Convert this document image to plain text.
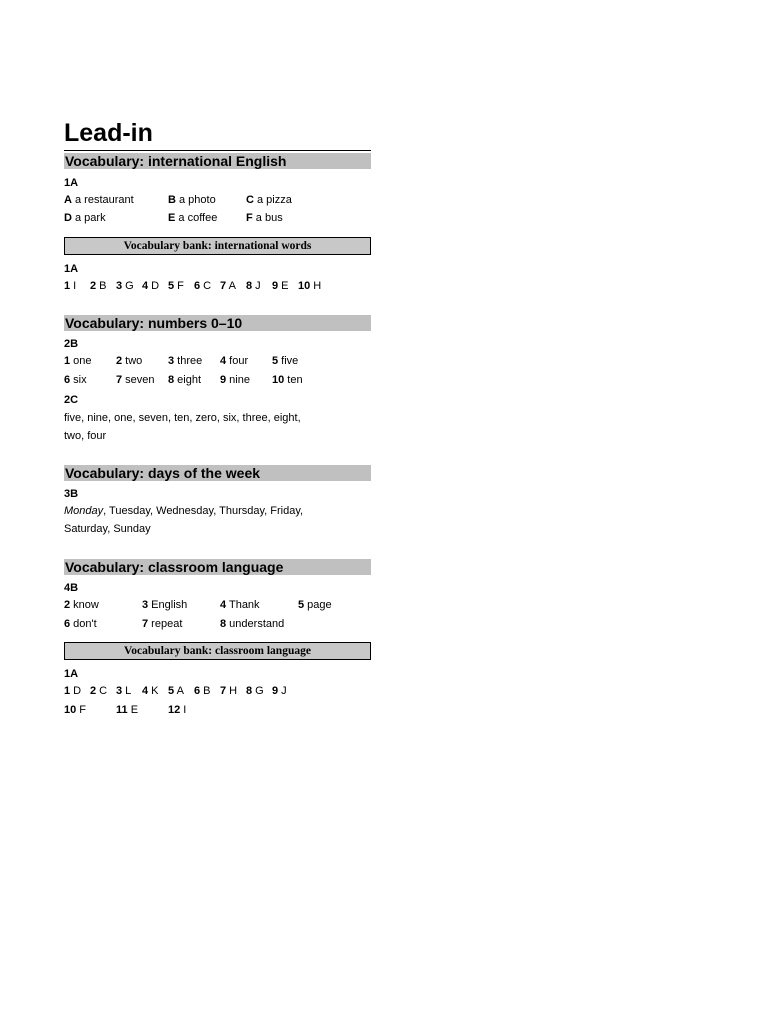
Lead-in
Vocabulary: international English
1A
A a restaurant	B a photo	C a pizza
D a park	E a coffee	F a bus
Vocabulary bank: international words
1A
1 I 2 B 3 G 4 D 5 F 6 C 7 A 8 J 9 E 10 H
Vocabulary: numbers 0–10
2B
1 one 2 two 3 three 4 four 5 five
6 six	7 seven 8 eight 9 nine 10 ten
2C
five, nine, one, seven, ten, zero, six, three, eight,
two, four
Vocabulary: days of the week
3B
Monday, Tuesday, Wednesday, Thursday, Friday,
Saturday, Sunday
Vocabulary: classroom language
4B
2 know	3 English	4 Thank	5 page
6 don't	7 repeat	8 understand
Vocabulary bank: classroom language
1A
1 D 2 C 3 L 4 K 5 A 6 B 7 H 8 G 9 J
10 F	11 E	12 I
